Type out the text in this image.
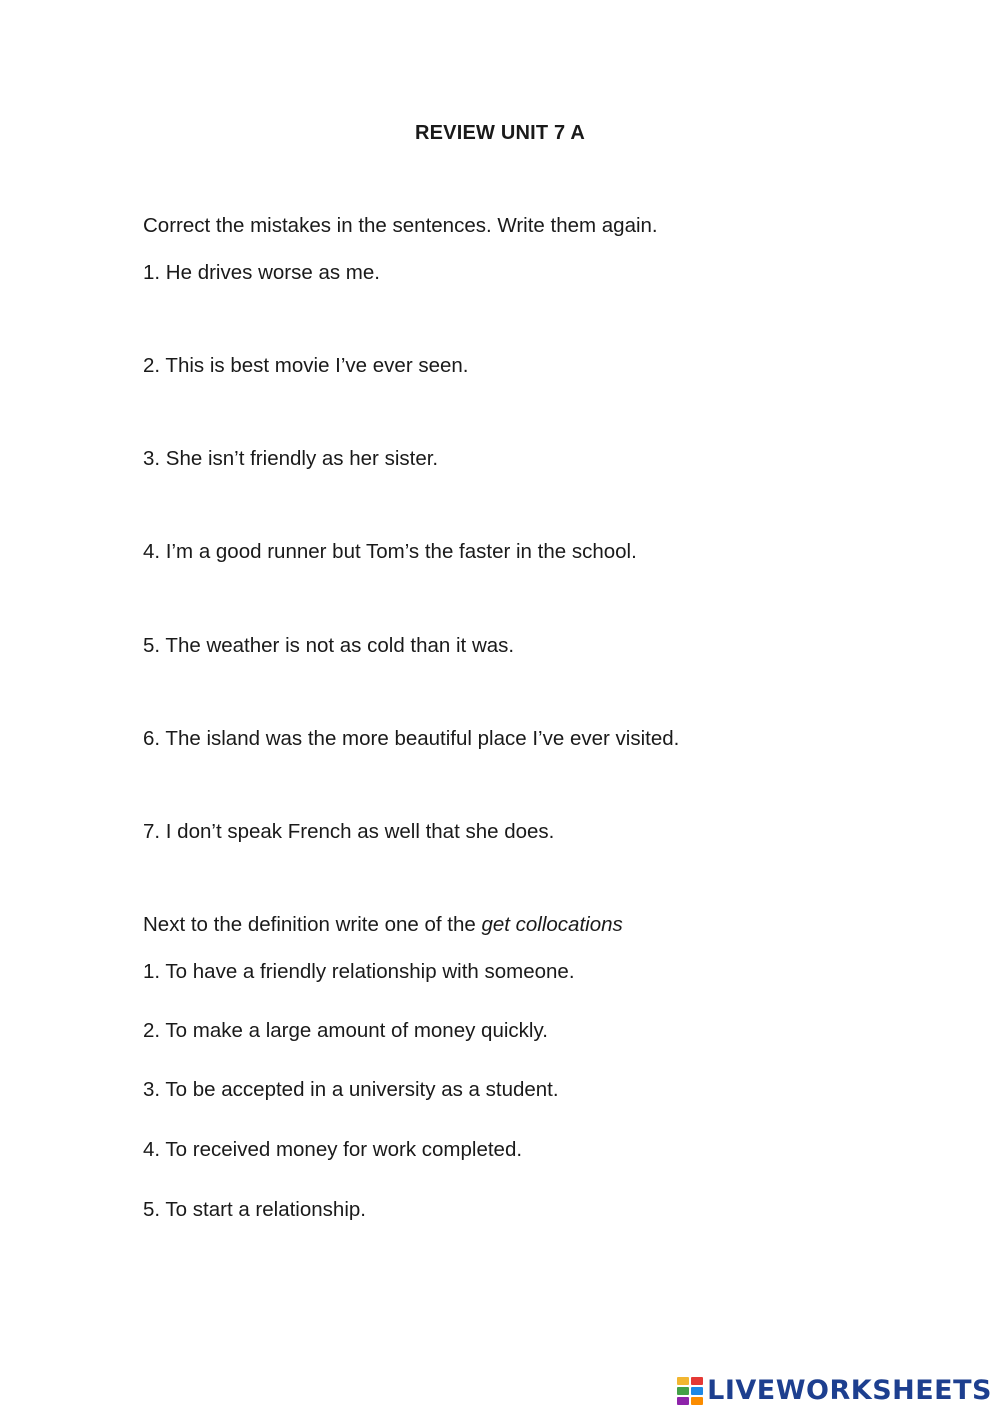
REVIEW UNIT 7 A
Correct the mistakes in the sentences. Write them again.
1. He drives worse as me.
2. This is best movie I’ve ever seen.
3. She isn’t friendly as her sister.
4. I’m a good runner but Tom’s the faster in the school.
5. The weather is not as cold than it was.
6. The island was the more beautiful place I’ve ever visited.
7. I don’t speak French as well that she does.
Next to the definition write one of the get collocations
1. To have a friendly relationship with someone.
2. To make a large amount of money quickly.
3. To be accepted in a university as a student.
4. To received money for work completed.
5. To start a relationship.
LIVEWORKSHEETS
